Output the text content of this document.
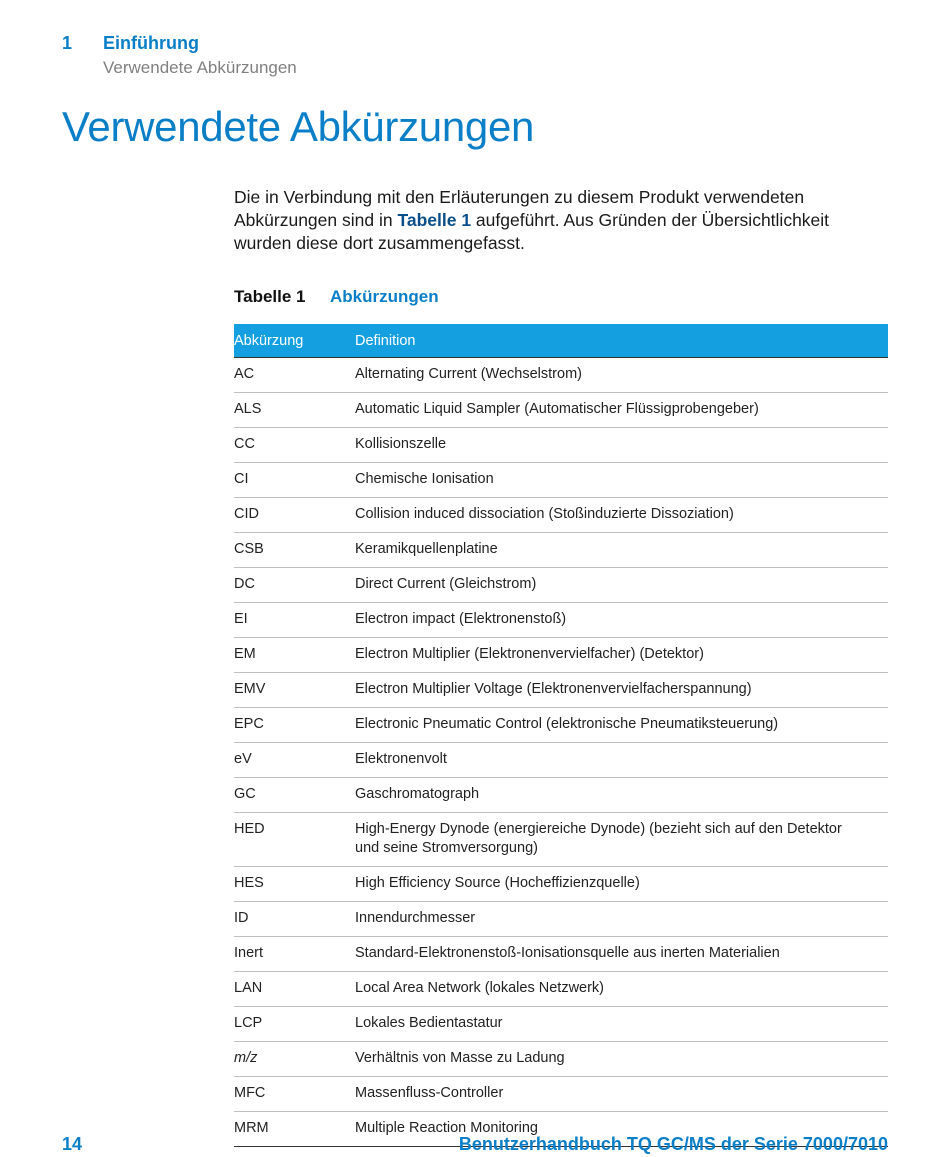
1 Einführung
Verwendete Abkürzungen
Verwendete Abkürzungen

Die in Verbindung mit den Erläuterungen zu diesem Produkt verwendeten Abkürzungen sind in Tabelle 1 aufgeführt. Aus Gründen der Übersichtlichkeit wurden diese dort zusammengefasst.

Tabelle 1 Abkürzungen
Abkürzung	Definition
AC	Alternating Current (Wechselstrom)
ALS	Automatic Liquid Sampler (Automatischer Flüssigprobengeber)
CC	Kollisionszelle
CI	Chemische Ionisation
CID	Collision induced dissociation (Stoßinduzierte Dissoziation)
CSB	Keramikquellenplatine
DC	Direct Current (Gleichstrom)
EI	Electron impact (Elektronenstoß)
EM	Electron Multiplier (Elektronenvervielfacher) (Detektor)
EMV	Electron Multiplier Voltage (Elektronenvervielfacherspannung)
EPC	Electronic Pneumatic Control (elektronische Pneumatiksteuerung)
eV	Elektronenvolt
GC	Gaschromatograph
HED	High-Energy Dynode (energiereiche Dynode) (bezieht sich auf den Detektor und seine Stromversorgung)
HES	High Efficiency Source (Hocheffizienzquelle)
ID	Innendurchmesser
Inert	Standard-Elektronenstoß-Ionisationsquelle aus inerten Materialien
LAN	Local Area Network (lokales Netzwerk)
LCP	Lokales Bedientastatur
m/z	Verhältnis von Masse zu Ladung
MFC	Massenfluss-Controller
MRM	Multiple Reaction Monitoring
14	Benutzerhandbuch TQ GC/MS der Serie 7000/7010
